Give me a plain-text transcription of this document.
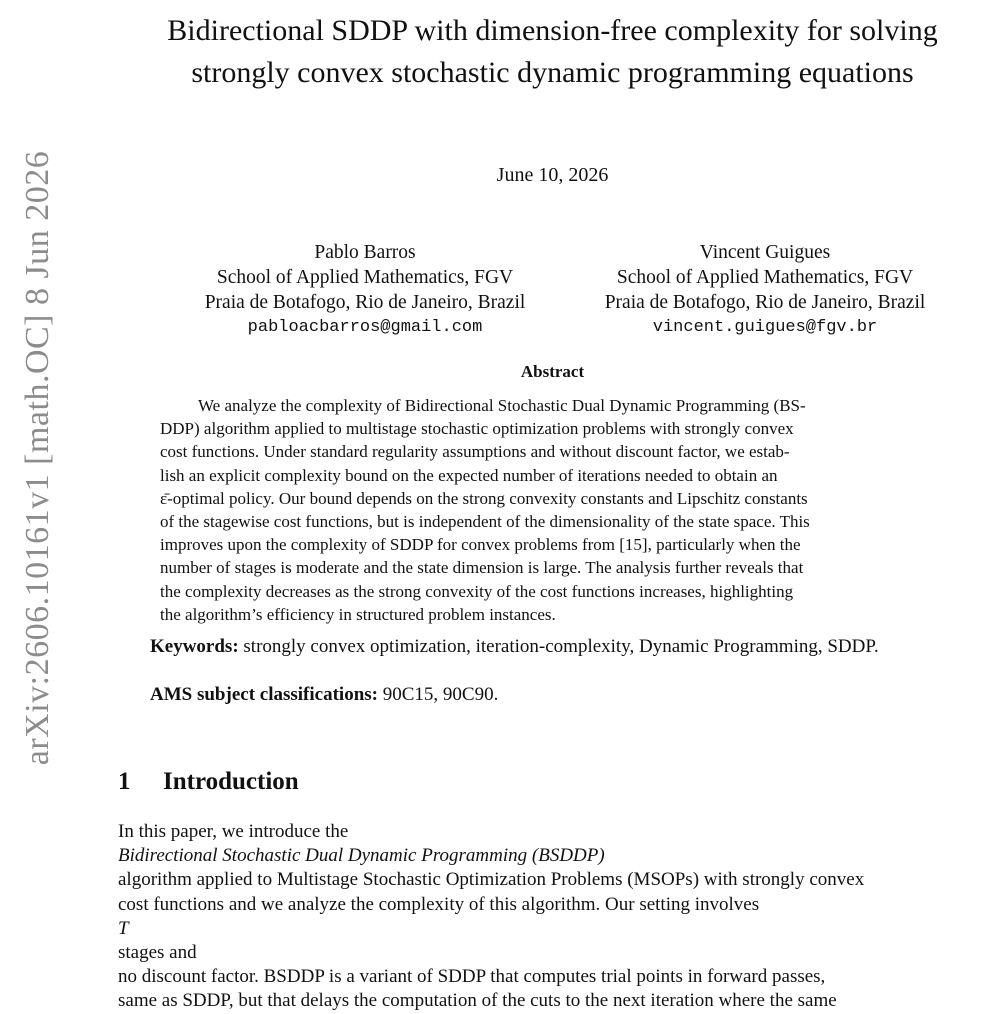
arXiv:2606.10161v1 [math.OC] 8 Jun 2026
Bidirectional SDDP with dimension-free complexity for solving
strongly convex stochastic dynamic programming equations
June 10, 2026
Pablo Barros
School of Applied Mathematics, FGV
Praia de Botafogo, Rio de Janeiro, Brazil
pabloacbarros@gmail.com
Vincent Guigues
School of Applied Mathematics, FGV
Praia de Botafogo, Rio de Janeiro, Brazil
vincent.guigues@fgv.br
Abstract
We analyze the complexity of Bidirectional Stochastic Dual Dynamic Programming (BS-
DDP) algorithm applied to multistage stochastic optimization problems with strongly convex
cost functions. Under standard regularity assumptions and without discount factor, we estab-
lish an explicit complexity bound on the expected number of iterations needed to obtain an
ε̄-optimal policy. Our bound depends on the strong convexity constants and Lipschitz constants
of the stagewise cost functions, but is independent of the dimensionality of the state space. This
improves upon the complexity of SDDP for convex problems from [15], particularly when the
number of stages is moderate and the state dimension is large. The analysis further reveals that
the complexity decreases as the strong convexity of the cost functions increases, highlighting
the algorithm’s efficiency in structured problem instances.
Keywords: strongly convex optimization, iteration-complexity, Dynamic Programming, SDDP.
AMS subject classifications: 90C15, 90C90.
1 Introduction
In this paper, we introduce the
Bidirectional Stochastic Dual Dynamic Programming (BSDDP)
algorithm applied to Multistage Stochastic Optimization Problems (MSOPs) with strongly convex
cost functions and we analyze the complexity of this algorithm. Our setting involves
T
stages and
no discount factor. BSDDP is a variant of SDDP that computes trial points in forward passes,
same as SDDP, but that delays the computation of the cuts to the next iteration where the same
